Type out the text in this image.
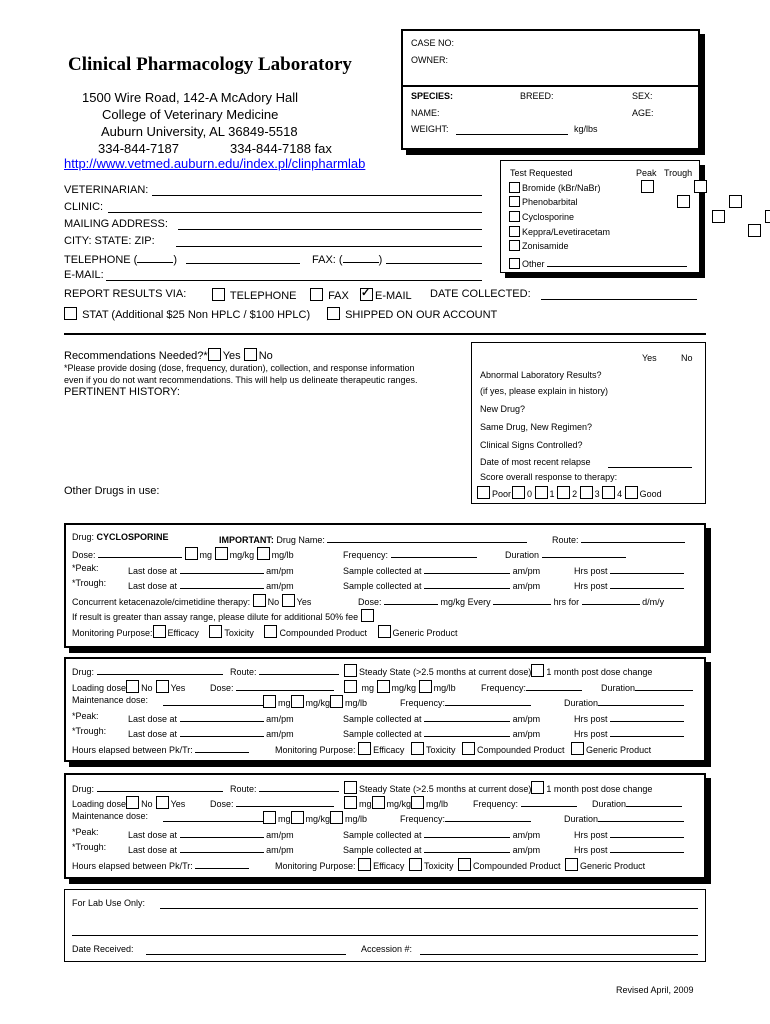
Clinical Pharmacology Laboratory
1500 Wire Road, 142-A McAdory Hall
College of Veterinary Medicine
Auburn University, AL 36849-5518
334-844-7187	334-844-7188 fax
http://www.vetmed.auburn.edu/index.pl/clinpharmlab
CASE NO:
OWNER:
SPECIES:	BREED:	SEX:
NAME:	AGE:
WEIGHT:	kg/lbs
Test Requested	Peak Trough
Bromide (kBr/NaBr)
Phenobarbital
Cyclosporine
Keppra/Levetiracetam
Zonisamide
Other

VETERINARIAN:
CLINIC:
MAILING ADDRESS:
CITY: STATE: ZIP:
TELEPHONE (	)	FAX: (	)
E-MAIL:
REPORT RESULTS VIA:	TELEPHONE	FAX ✓	E-MAIL DATE COLLECTED:
STAT (Additional $25 Non HPLC / $100 HPLC)	SHIPPED ON OUR ACCOUNT
Recommendations Needed?* Yes No
*Please provide dosing (dose, frequency, duration), collection, and response information
even if you do not want recommendations. This will help us delineate therapeutic ranges.
PERTINENT HISTORY:
Other Drugs in use:
Yes	No
Abnormal Laboratory Results?
(if yes, please explain in history)

New Drug?

Same Drug, New Regimen?

Clinical Signs Controlled?

Date of most recent relapse
Score overall response to therapy:
Poor 0 1 2 3 4 Good
Drug: CYCLOSPORINE	IMPORTANT: Drug Name:	Route:
Dose:	mg mg/kg mg/lb	Frequency:	Duration
*Peak:	Last dose at	am/pm	Sample collected at	am/pm	Hrs post
*Trough: Last dose at	am/pm	Sample collected at	am/pm	Hrs post
Concurrent ketacenazole/cimetidine therapy: No Yes	Dose:	mg/kg Every	hrs for	d/m/y
If result is greater than assay range, please dilute for additional 50% fee
Monitoring Purpose: Efficacy	Toxicity	Compounded Product	Generic Product
Drug:	Route:	Steady State (>2.5 months at current dose) 1 month post dose change
Loading dose No Yes	Dose:	mg mg/kg mg/lb	Frequency:	Duration
Maintenance dose:	mg mg/kg mg/lb	Frequency:	Duration
*Peak:	Last dose at	am/pm	Sample collected at	am/pm	Hrs post
*Trough: Last dose at	am/pm	Sample collected at	am/pm	Hrs post
Hours elapsed between Pk/Tr:	Monitoring Purpose: Efficacy Toxicity Compounded Product Generic Product
Drug:	Route:	Steady State (>2.5 months at current dose) 1 month post dose change
Loading dose No Yes	Dose:	mg mg/kg mg/lb	Frequency:	Duration
Maintenance dose:	mg mg/kg mg/lb	Frequency:	Duration
*Peak:	Last dose at	am/pm	Sample collected at	am/pm	Hrs post
*Trough: Last dose at	am/pm	Sample collected at	am/pm	Hrs post
Hours elapsed between Pk/Tr:	Monitoring Purpose: Efficacy Toxicity Compounded Product Generic Product
For Lab Use Only:
Date Received:	Accession #:
Revised April, 2009
